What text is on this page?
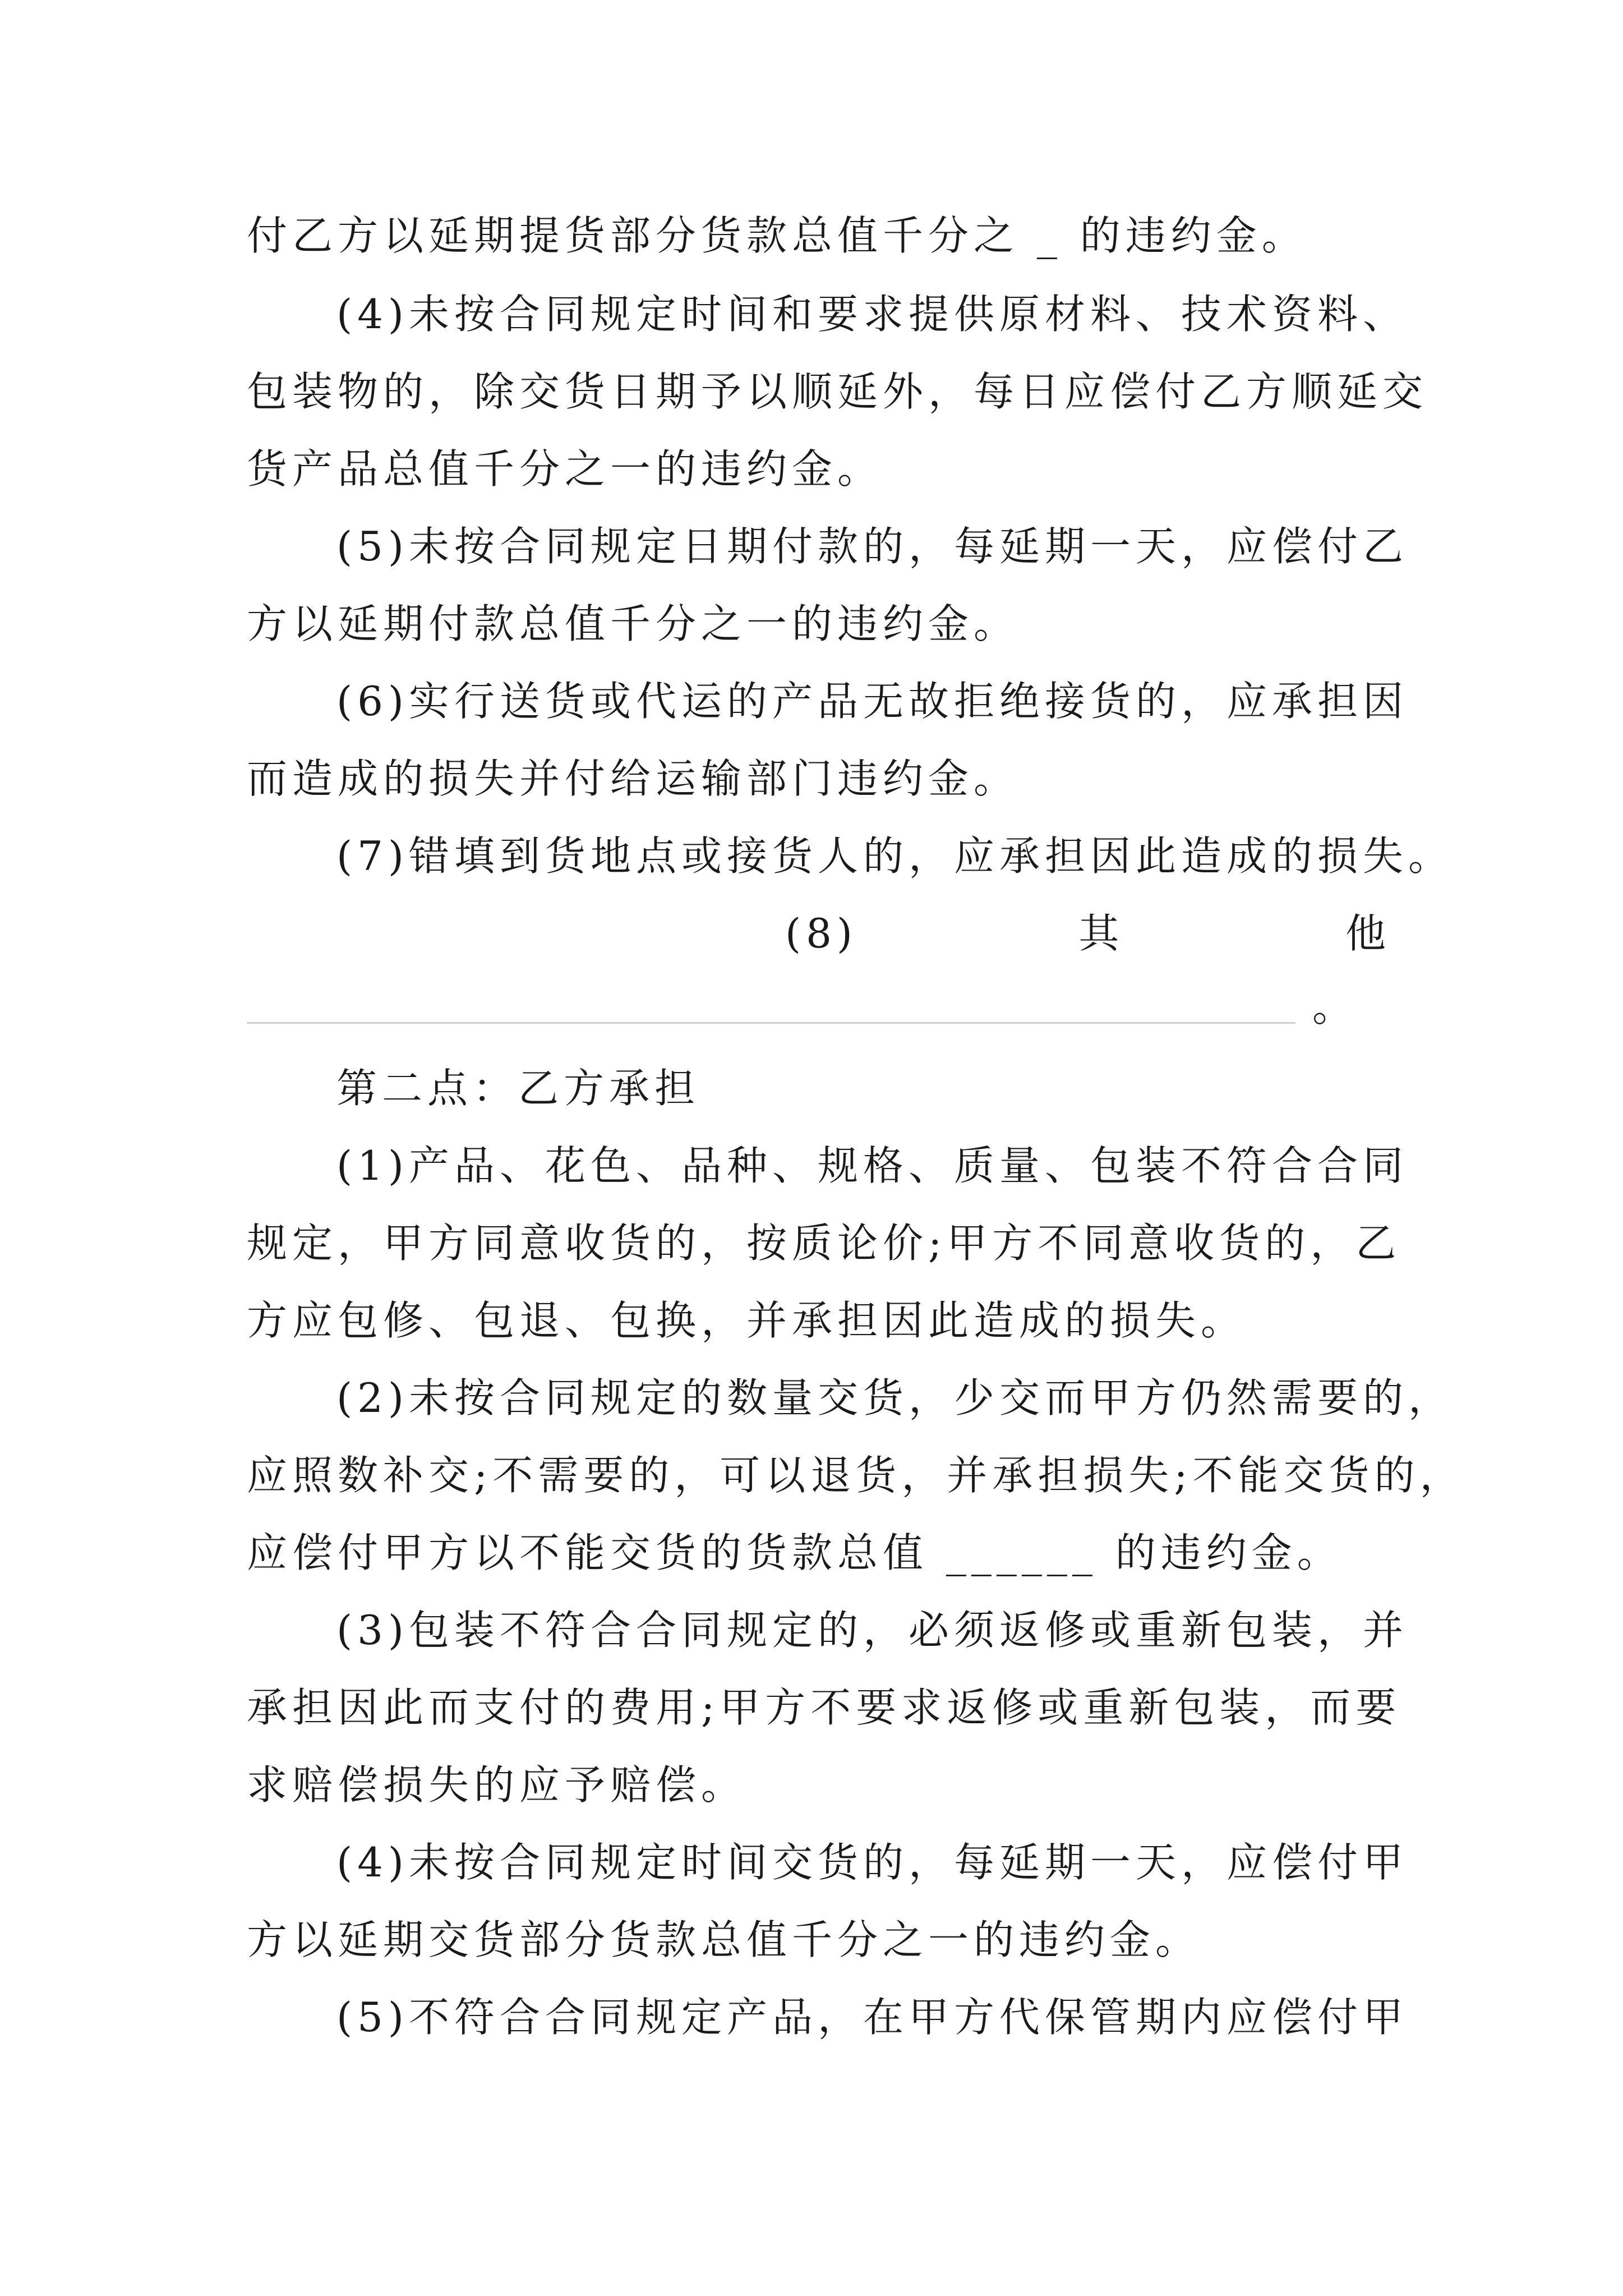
付乙方以延期提货部分货款总值千分之 _ 的违约金。
(4)未按合同规定时间和要求提供原材料、技术资料、
包装物的，除交货日期予以顺延外，每日应偿付乙方顺延交
货产品总值千分之一的违约金。
(5)未按合同规定日期付款的，每延期一天，应偿付乙
方以延期付款总值千分之一的违约金。
(6)实行送货或代运的产品无故拒绝接货的，应承担因
而造成的损失并付给运输部门违约金。
(7)错填到货地点或接货人的，应承担因此造成的损失。
(8)	其	他
。
第二点：乙方承担
(1)产品、花色、品种、规格、质量、包装不符合合同
规定，甲方同意收货的，按质论价;甲方不同意收货的，乙
方应包修、包退、包换，并承担因此造成的损失。
(2)未按合同规定的数量交货，少交而甲方仍然需要的，
应照数补交;不需要的，可以退货，并承担损失;不能交货的，
应偿付甲方以不能交货的货款总值 ______ 的违约金。
(3)包装不符合合同规定的，必须返修或重新包装，并
承担因此而支付的费用;甲方不要求返修或重新包装，而要
求赔偿损失的应予赔偿。
(4)未按合同规定时间交货的，每延期一天，应偿付甲
方以延期交货部分货款总值千分之一的违约金。
(5)不符合合同规定产品，在甲方代保管期内应偿付甲
